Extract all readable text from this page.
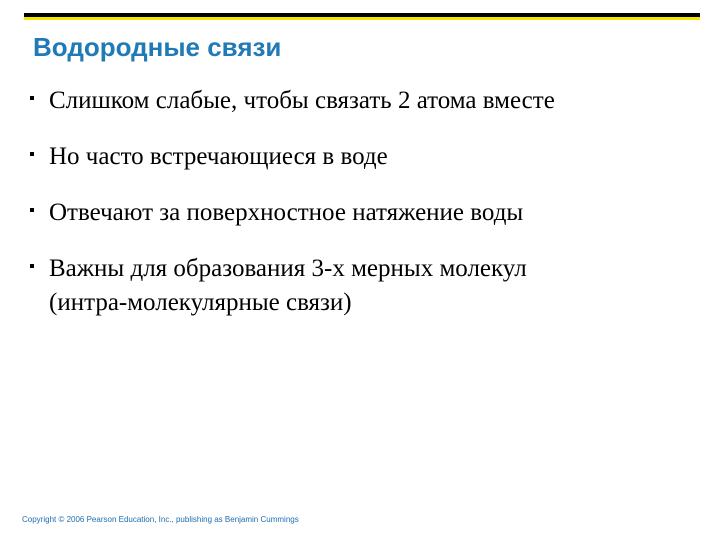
Водородные связи
Слишком слабые, чтобы связать 2 атома вместе
Но часто встречающиеся в воде
Отвечают за поверхностное натяжение воды
Важны для образования 3-х мерных молекул
(интра-молекулярные связи)
Copyright © 2006 Pearson Education, Inc., publishing as Benjamin Cummings
